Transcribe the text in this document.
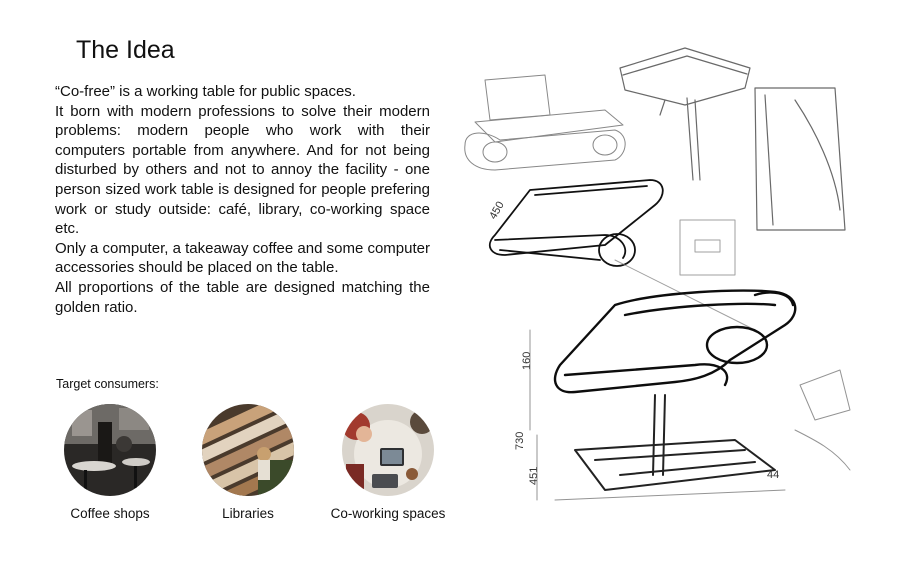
The Idea

“Co-free” is a working table for public spaces.

It born with modern professions to solve their modern problems: modern people who work with their computers portable from anywhere. And for not being disturbed by others and not to annoy the facility - one person sized work table is designed for people prefering work or study outside: café, library, co-working space etc.

Only a computer, a takeaway coffee and some computer accessories should be placed on the table.

All proportions of the table are designed matching the golden ratio.

Target consumers:
Coffee shops	Libraries	Co-working spaces
450
160
730
451	44
